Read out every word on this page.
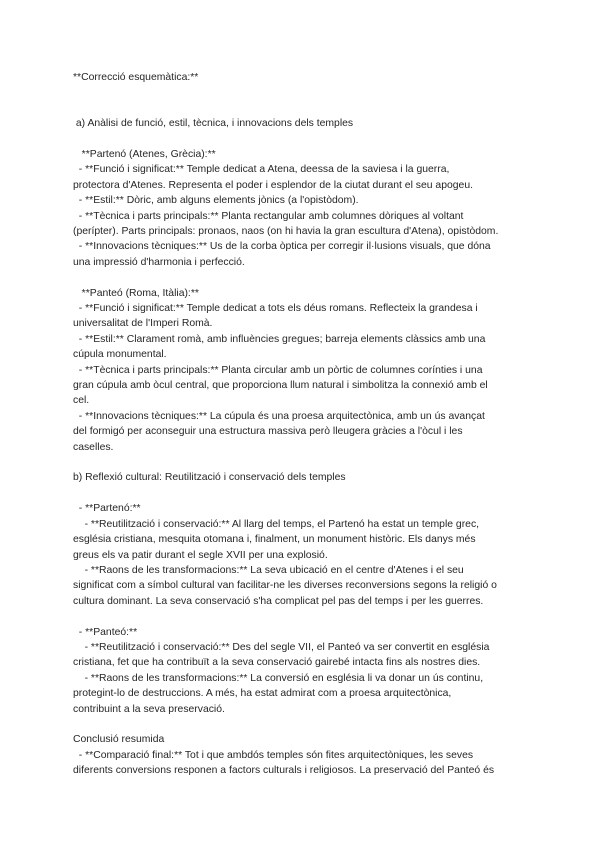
**Correcció esquemàtica:**

a) Anàlisi de funció, estil, tècnica, i innovacions dels temples

**Partenó (Atenes, Grècia):**

- **Funció i significat:** Temple dedicat a Atena, deessa de la saviesa i la guerra,

protectora d'Atenes. Representa el poder i esplendor de la ciutat durant el seu apogeu.

- **Estil:** Dòric, amb alguns elements jònics (a l'opistòdom).

- **Tècnica i parts principals:** Planta rectangular amb columnes dòriques al voltant

(perípter). Parts principals: pronaos, naos (on hi havia la gran escultura d'Atena), opistòdom.

- **Innovacions tècniques:** Us de la corba òptica per corregir il·lusions visuals, que dóna

una impressió d'harmonia i perfecció.

**Panteó (Roma, Itàlia):**

- **Funció i significat:** Temple dedicat a tots els déus romans. Reflecteix la grandesa i

universalitat de l'Imperi Romà.

- **Estil:** Clarament romà, amb influències gregues; barreja elements clàssics amb una

cúpula monumental.

- **Tècnica i parts principals:** Planta circular amb un pòrtic de columnes corínties i una

gran cúpula amb òcul central, que proporciona llum natural i simbolitza la connexió amb el

cel.

- **Innovacions tècniques:** La cúpula és una proesa arquitectònica, amb un ús avançat

del formigó per aconseguir una estructura massiva però lleugera gràcies a l'òcul i les

caselles.

b) Reflexió cultural: Reutilització i conservació dels temples

- **Partenó:**

- **Reutilització i conservació:** Al llarg del temps, el Partenó ha estat un temple grec,

església cristiana, mesquita otomana i, finalment, un monument històric. Els danys més

greus els va patir durant el segle XVII per una explosió.

- **Raons de les transformacions:** La seva ubicació en el centre d'Atenes i el seu

significat com a símbol cultural van facilitar-ne les diverses reconversions segons la religió o

cultura dominant. La seva conservació s'ha complicat pel pas del temps i per les guerres.

- **Panteó:**

- **Reutilització i conservació:** Des del segle VII, el Panteó va ser convertit en església

cristiana, fet que ha contribuït a la seva conservació gairebé intacta fins als nostres dies.

- **Raons de les transformacions:** La conversió en església li va donar un ús continu,

protegint-lo de destruccions. A més, ha estat admirat com a proesa arquitectònica,

contribuint a la seva preservació.

Conclusió resumida

- **Comparació final:** Tot i que ambdós temples són fites arquitectòniques, les seves

diferents conversions responen a factors culturals i religiosos. La preservació del Panteó és
